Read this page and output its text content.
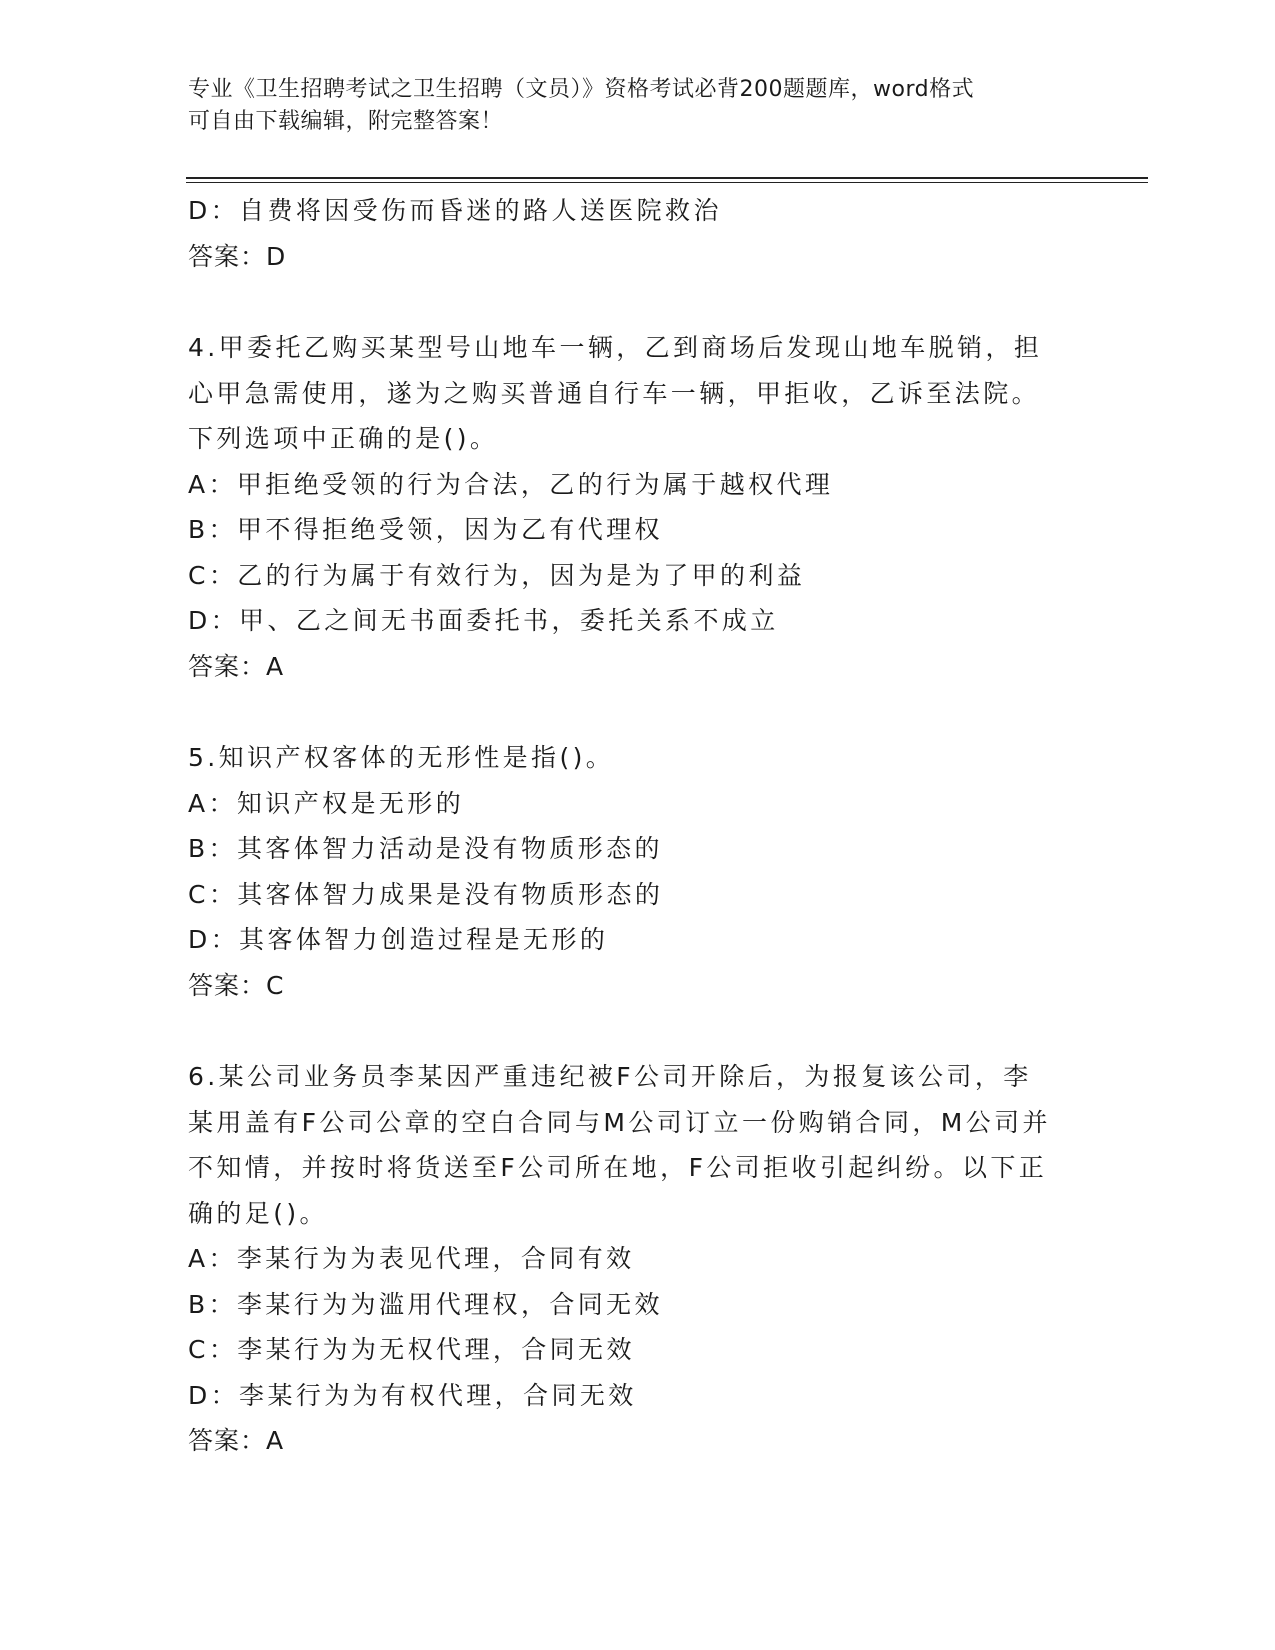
专业《卫生招聘考试之卫生招聘（文员）》资格考试必背200题题库，word格式
可自由下载编辑，附完整答案！
D：自费将因受伤而昏迷的路人送医院救治
答案：D
4.甲委托乙购买某型号山地车一辆，乙到商场后发现山地车脱销，担
心甲急需使用，遂为之购买普通自行车一辆，甲拒收，乙诉至法院。
下列选项中正确的是()。
A：甲拒绝受领的行为合法，乙的行为属于越权代理
B：甲不得拒绝受领，因为乙有代理权
C：乙的行为属于有效行为，因为是为了甲的利益
D：甲、乙之间无书面委托书，委托关系不成立
答案：A
5.知识产权客体的无形性是指()。
A：知识产权是无形的
B：其客体智力活动是没有物质形态的
C：其客体智力成果是没有物质形态的
D：其客体智力创造过程是无形的
答案：C
6.某公司业务员李某因严重违纪被F公司开除后，为报复该公司，李
某用盖有F公司公章的空白合同与M公司订立一份购销合同，M公司并
不知情，并按时将货送至F公司所在地，F公司拒收引起纠纷。以下正
确的足()。
A：李某行为为表见代理，合同有效
B：李某行为为滥用代理权，合同无效
C：李某行为为无权代理，合同无效
D：李某行为为有权代理，合同无效
答案：A
